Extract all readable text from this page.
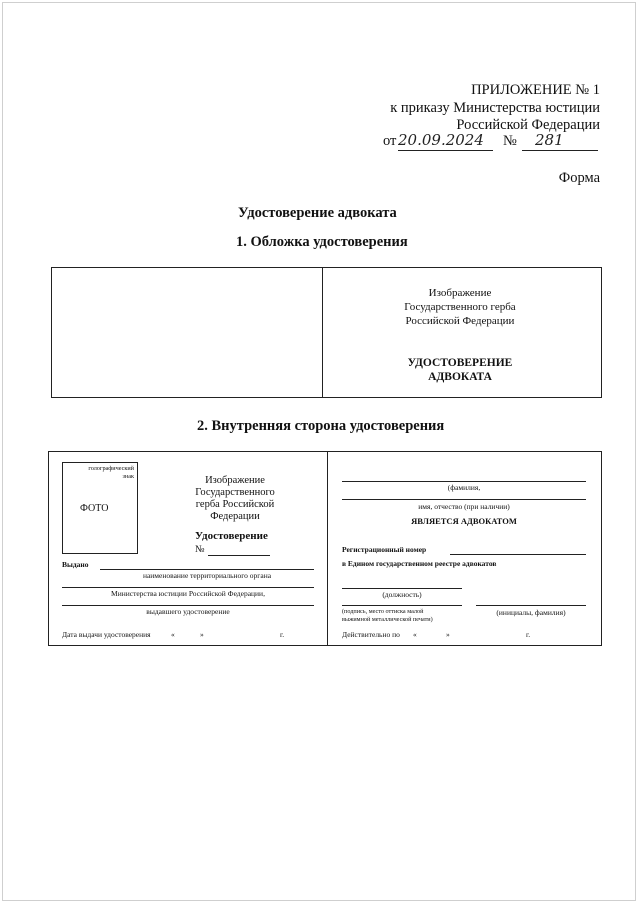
ПРИЛОЖЕНИЕ № 1
к приказу Министерства юстиции
Российской Федерации
от 20.09.2024 № 281
Форма
Удостоверение адвоката
1. Обложка удостоверения
Изображение
Государственного герба
Российской Федерации
УДОСТОВЕРЕНИЕ
АДВОКАТА
2. Внутренняя сторона удостоверения
голографический
знак
ФОТО
Изображение
Государственного
герба Российской
Федерации
Удостоверение
№
Выдано
наименование территориального органа
Министерства юстиции Российской Федерации,
выдавшего удостоверение
Дата выдачи удостоверения	«	»	г.
(фамилия,
имя, отчество (при наличии)
ЯВЛЯЕТСЯ АДВОКАТОМ
Регистрационный номер
в Едином государственном реестре адвокатов
(должность)
(подпись, место оттиска малой
выжимной металлической печати)
(инициалы, фамилия)
Действительно по «	»	г.
